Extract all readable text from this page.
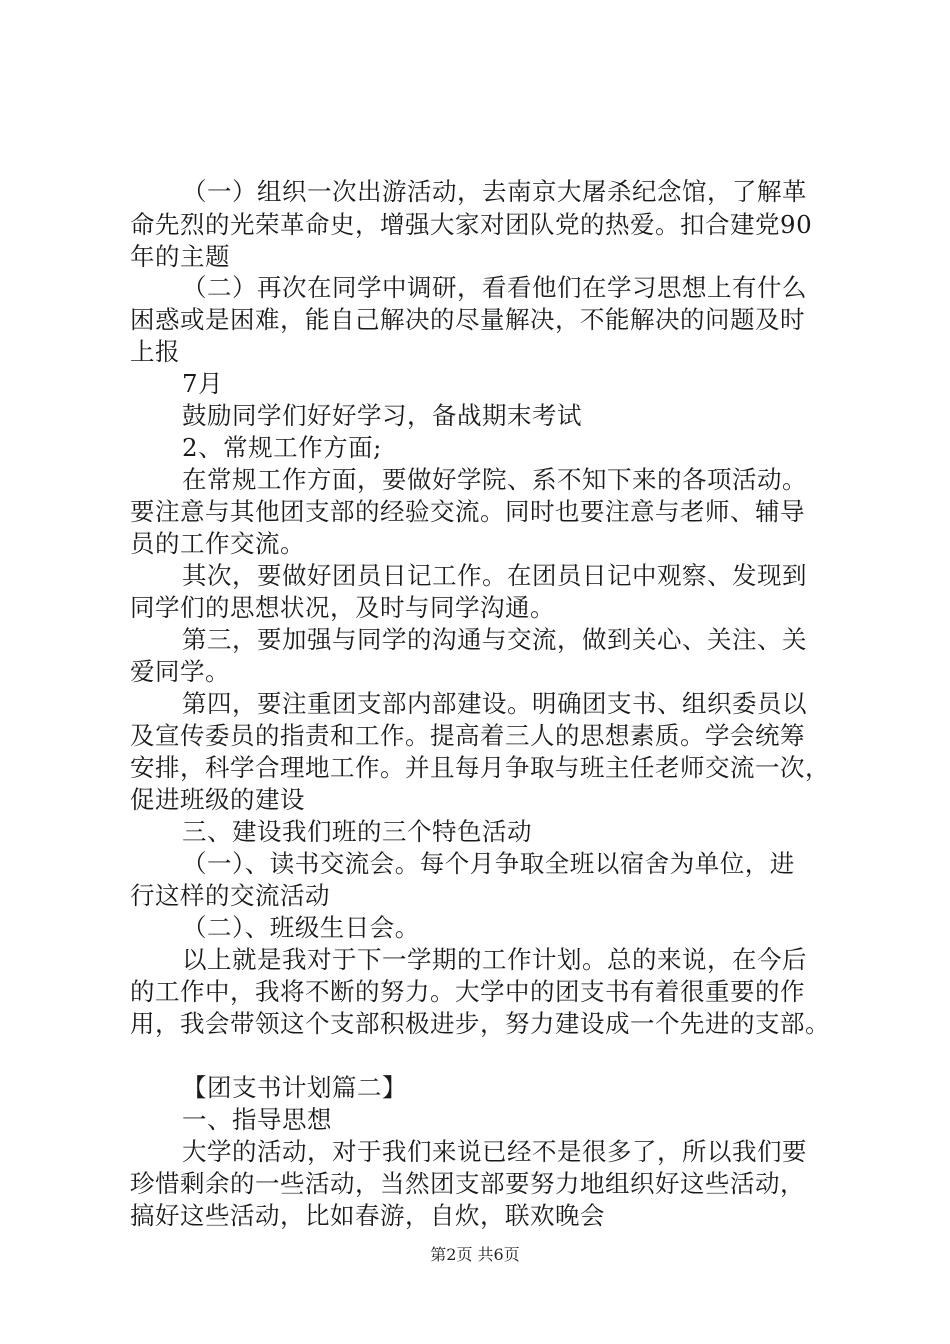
（一）组织一次出游活动，去南京大屠杀纪念馆，了解革
命先烈的光荣革命史，增强大家对团队党的热爱。扣合建党90
年的主题
（二）再次在同学中调研，看看他们在学习思想上有什么
困惑或是困难，能自己解决的尽量解决，不能解决的问题及时
上报
7月
鼓励同学们好好学习，备战期末考试
2、常规工作方面;
在常规工作方面，要做好学院、系不知下来的各项活动。
要注意与其他团支部的经验交流。同时也要注意与老师、辅导
员的工作交流。
其次，要做好团员日记工作。在团员日记中观察、发现到
同学们的思想状况，及时与同学沟通。
第三，要加强与同学的沟通与交流，做到关心、关注、关
爱同学。
第四，要注重团支部内部建设。明确团支书、组织委员以
及宣传委员的指责和工作。提高着三人的思想素质。学会统筹
安排，科学合理地工作。并且每月争取与班主任老师交流一次，
促进班级的建设
三、建设我们班的三个特色活动
（一）、读书交流会。每个月争取全班以宿舍为单位，进
行这样的交流活动
（二）、班级生日会。
以上就是我对于下一学期的工作计划。总的来说，在今后
的工作中，我将不断的努力。大学中的团支书有着很重要的作
用，我会带领这个支部积极进步，努力建设成一个先进的支部。
【团支书计划篇二】
一、指导思想
大学的活动，对于我们来说已经不是很多了，所以我们要
珍惜剩余的一些活动，当然团支部要努力地组织好这些活动，
搞好这些活动，比如春游，自炊，联欢晚会
第2页 共6页
